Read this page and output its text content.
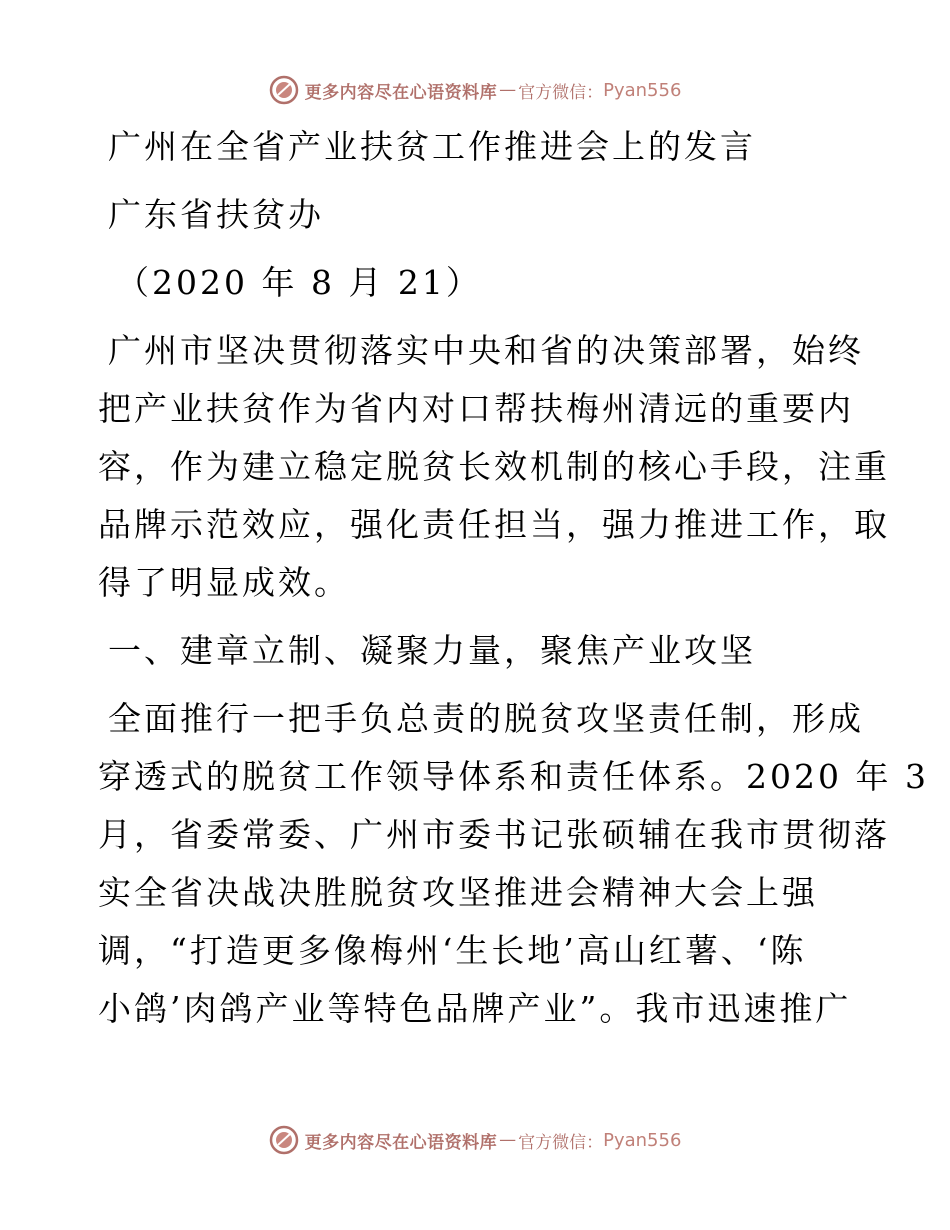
更多内容尽在心语资料库 — 官方微信： Pyan556
广州在全省产业扶贫工作推进会上的发言
广东省扶贫办
（2020 年 8 月 21）
广州市坚决贯彻落实中央和省的决策部署，始终
把产业扶贫作为省内对口帮扶梅州清远的重要内
容，作为建立稳定脱贫长效机制的核心手段，注重
品牌示范效应，强化责任担当，强力推进工作，取
得了明显成效。
一、建章立制、凝聚力量，聚焦产业攻坚
全面推行一把手负总责的脱贫攻坚责任制，形成
穿透式的脱贫工作领导体系和责任体系。2020 年 3
月，省委常委、广州市委书记张硕辅在我市贯彻落
实全省决战决胜脱贫攻坚推进会精神大会上强
调，“打造更多像梅州‘生长地’高山红薯、‘陈
小鸽’肉鸽产业等特色品牌产业”。我市迅速推广
更多内容尽在心语资料库 — 官方微信： Pyan556
